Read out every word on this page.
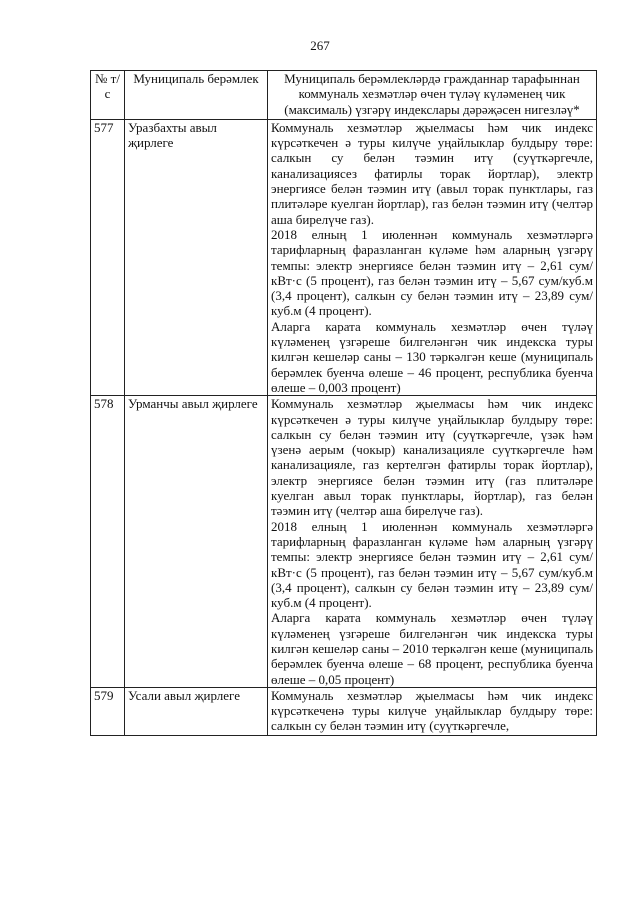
267
№ т/с	Муниципаль берәмлек	Муниципаль берәмлекләрдә гражданнар тарафыннан коммуналь хезмәтләр өчен түләү күләменең чик (максималь) үзгәрү индекслары дәрәҗәсен нигезләү*
577	Уразбахты авыл җирлеге	Коммуналь хезмәтләр җыелмасы һәм чик индекс күрсәткечен ә туры килүче уңайлыклар булдыру төре: салкын су белән тәэмин итү (суүткәргечле, канализациясез фатирлы торак йортлар), электр энергиясе белән тәэмин итү (авыл торак пунктлары, газ плитәләре куелган йортлар), газ белән тәэмин итү (челтәр аша бирелүче газ).

2018 елның 1 июленнән коммуналь хезмәтләргә тарифларның фаразланган күләме һәм аларның үзгәрү темпы: электр энергиясе белән тәэмин итү – 2,61 сум/кВт·с (5 процент), газ белән тәэмин итү – 5,67 сум/куб.м (3,4 процент), салкын су белән тәэмин итү – 23,89 сум/куб.м (4 процент).

Аларга карата коммуналь хезмәтләр өчен түләү күләменең үзгәреше билгеләнгән чик индекска туры килгән кешеләр саны – 130 тәркәлгән кеше (муниципаль берәмлек буенча өлеше – 46 процент, республика буенча өлеше – 0,003 процент)

578	Урманчы авыл җирлеге	Коммуналь хезмәтләр җыелмасы һәм чик индекс күрсәткечен ә туры килүче уңайлыклар булдыру төре: салкын су белән тәэмин итү (суүткәргечле, үзәк һәм үзенә аерым (чокыр) канализацияле суүткәргечле һәм канализацияле, газ кертелгән фатирлы торак йортлар), электр энергиясе белән тәэмин итү (газ плитәләре куелган авыл торак пунктлары, йортлар), газ белән тәэмин итү (челтәр аша бирелүче газ).

2018 елның 1 июленнән коммуналь хезмәтләргә тарифларның фаразланган күләме һәм аларның үзгәрү темпы: электр энергиясе белән тәэмин итү – 2,61 сум/кВт·с (5 процент), газ белән тәэмин итү – 5,67 сум/куб.м (3,4 процент), салкын су белән тәэмин итү – 23,89 сум/куб.м (4 процент).

Аларга карата коммуналь хезмәтләр өчен түләү күләменең үзгәреше билгеләнгән чик индекска туры килгән кешеләр саны – 2010 теркәлгән кеше (муниципаль берәмлек буенча өлеше – 68 процент, республика буенча өлеше – 0,05 процент)

579	Усали авыл җирлеге	Коммуналь хезмәтләр җыелмасы һәм чик индекс күрсәткеченә туры килүче уңайлыклар булдыру төре: салкын су белән тәэмин итү (суүткәргечле,
